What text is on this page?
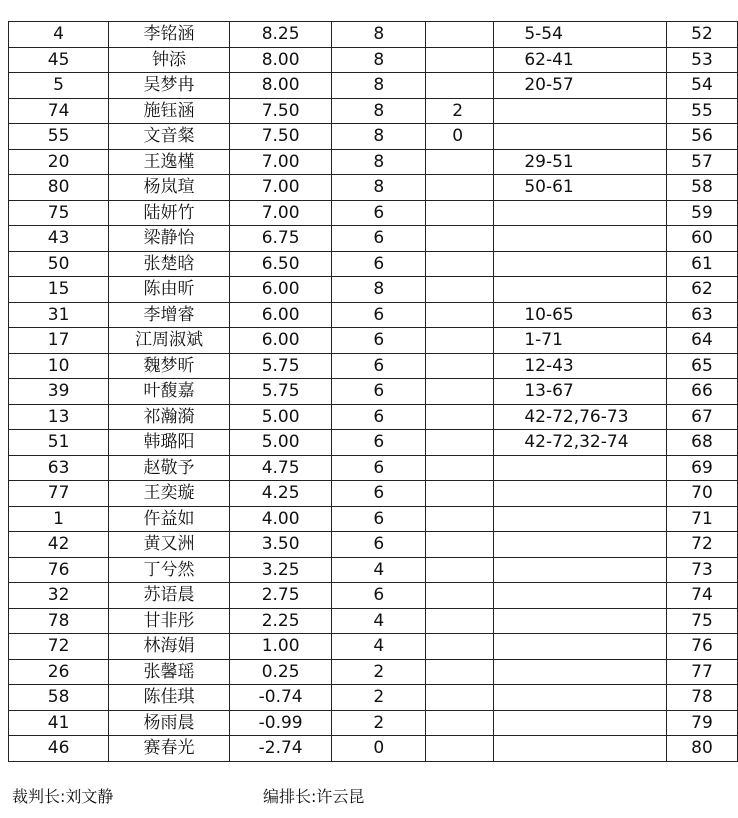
4	李铭涵	8.25	8		5-54	52
45	钟添	8.00	8		62-41	53
5	吴梦冉	8.00	8		20-57	54
74	施钰涵	7.50	8	2		55
55	文音粲	7.50	8	0		56
20	王逸槿	7.00	8		29-51	57
80	杨岚瑄	7.00	8		50-61	58
75	陆妍竹	7.00	6			59
43	梁静怡	6.75	6			60
50	张楚晗	6.50	6			61
15	陈由昕	6.00	8			62
31	李增睿	6.00	6		10-65	63
17	江周淑斌	6.00	6		1-71	64
10	魏梦昕	5.75	6		12-43	65
39	叶馥嘉	5.75	6		13-67	66
13	祁瀚漪	5.00	6		42-72,76-73	67
51	韩璐阳	5.00	6		42-72,32-74	68
63	赵敬予	4.75	6			69
77	王奕璇	4.25	6			70
1	仵益如	4.00	6			71
42	黄又洲	3.50	6			72
76	丁兮然	3.25	4			73
32	苏语晨	2.75	6			74
78	甘非彤	2.25	4			75
72	林海娟	1.00	4			76
26	张馨瑶	0.25	2			77
58	陈佳琪	-0.74	2			78
41	杨雨晨	-0.99	2			79
46	赛春光	-2.74	0			80
裁判长:刘文静	编排长:许云昆
